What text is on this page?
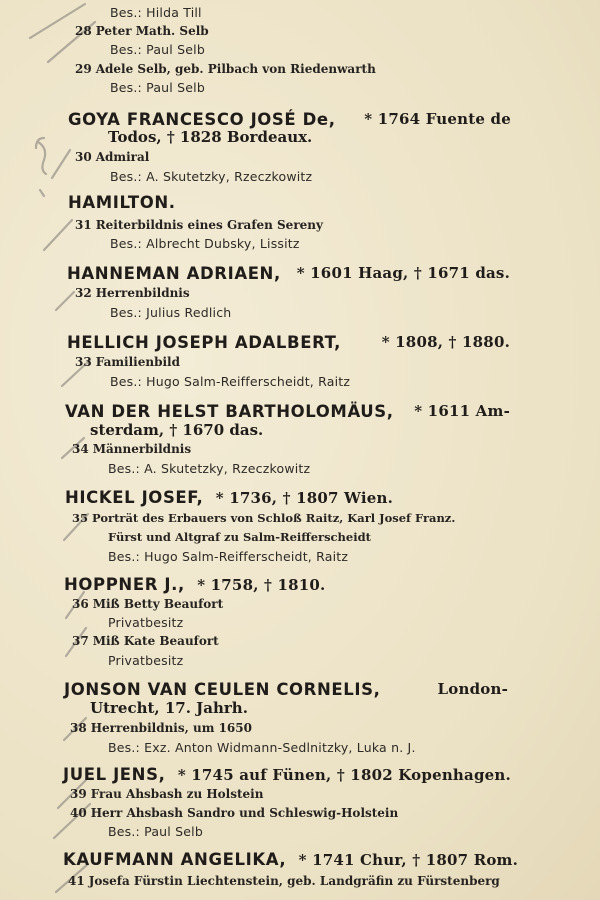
Bes.: Hilda Till
28 Peter Math. Selb
Bes.: Paul Selb
29 Adele Selb, geb. Pilbach von Riedenwarth
Bes.: Paul Selb
GOYA FRANCESCO JOSÉ De, * 1764 Fuente de
Todos, † 1828 Bordeaux.
30 Admiral
Bes.: A. Skutetzky, Rzeczkowitz
HAMILTON.
31 Reiterbildnis eines Grafen Sereny
Bes.: Albrecht Dubsky, Lissitz
HANNEMAN ADRIAEN, * 1601 Haag, † 1671 das.
32 Herrenbildnis
Bes.: Julius Redlich
HELLICH JOSEPH ADALBERT,	* 1808, † 1880.
33 Familienbild
Bes.: Hugo Salm-Reifferscheidt, Raitz
VAN DER HELST BARTHOLOMÄUS, * 1611 Am-
sterdam, † 1670 das.
34 Männerbildnis
Bes.: A. Skutetzky, Rzeczkowitz
HICKEL JOSEF, * 1736, † 1807 Wien.
35 Porträt des Erbauers von Schloß Raitz, Karl Josef Franz.
Fürst und Altgraf zu Salm-Reifferscheidt
Bes.: Hugo Salm-Reifferscheidt, Raitz
HOPPNER J., * 1758, † 1810.
36 Miß Betty Beaufort
Privatbesitz
37 Miß Kate Beaufort
Privatbesitz
JONSON VAN CEULEN CORNELIS,	London-
Utrecht, 17. Jahrh.
38 Herrenbildnis, um 1650
Bes.: Exz. Anton Widmann-Sedlnitzky, Luka n. J.
JUEL JENS, * 1745 auf Fünen, † 1802 Kopenhagen.
39 Frau Ahsbash zu Holstein
40 Herr Ahsbash Sandro und Schleswig-Holstein
Bes.: Paul Selb
KAUFMANN ANGELIKA, * 1741 Chur, † 1807 Rom.
41 Josefa Fürstin Liechtenstein, geb. Landgräfin zu Fürstenberg
